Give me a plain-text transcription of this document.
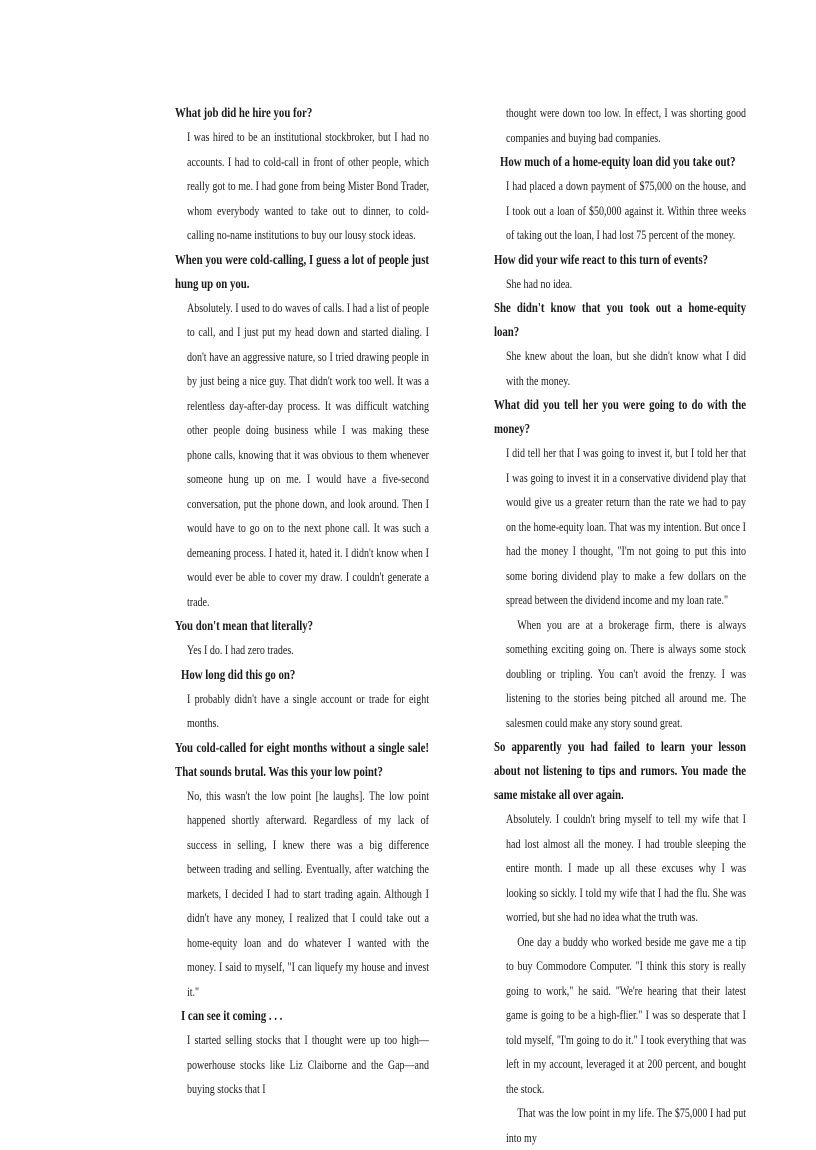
What job did he hire you for?

I was hired to be an institutional stockbroker, but I had no accounts. I had to cold-call in front of other people, which really got to me. I had gone from being Mister Bond Trader, whom everybody wanted to take out to dinner, to cold-calling no-name institutions to buy our lousy stock ideas.

When you were cold-calling, I guess a lot of people just hung up on you.

Absolutely. I used to do waves of calls. I had a list of people to call, and I just put my head down and started dialing. I don't have an aggressive nature, so I tried drawing people in by just being a nice guy. That didn't work too well. It was a relentless day-after-day process. It was difficult watching other people doing business while I was making these phone calls, knowing that it was obvious to them whenever someone hung up on me. I would have a five-second conversation, put the phone down, and look around. Then I would have to go on to the next phone call. It was such a demeaning process. I hated it, hated it. I didn't know when I would ever be able to cover my draw. I couldn't generate a trade.

You don't mean that literally?

Yes I do. I had zero trades.

How long did this go on?

I probably didn't have a single account or trade for eight months.

You cold-called for eight months without a single sale! That sounds brutal. Was this your low point?

No, this wasn't the low point [he laughs]. The low point happened shortly afterward. Regardless of my lack of success in selling, I knew there was a big difference between trading and selling. Eventually, after watching the markets, I decided I had to start trading again. Although I didn't have any money, I realized that I could take out a home-equity loan and do whatever I wanted with the money. I said to myself, "I can liquefy my house and invest it."

I can see it coming . . .

I started selling stocks that I thought were up too high—powerhouse stocks like Liz Claiborne and the Gap—and buying stocks that I

thought were down too low. In effect, I was shorting good companies and buying bad companies.

How much of a home-equity loan did you take out?

I had placed a down payment of $75,000 on the house, and I took out a loan of $50,000 against it. Within three weeks of taking out the loan, I had lost 75 percent of the money.

How did your wife react to this turn of events?

She had no idea.

She didn't know that you took out a home-equity loan?

She knew about the loan, but she didn't know what I did with the money.

What did you tell her you were going to do with the money?

I did tell her that I was going to invest it, but I told her that I was going to invest it in a conservative dividend play that would give us a greater return than the rate we had to pay on the home-equity loan. That was my intention. But once I had the money I thought, "I'm not going to put this into some boring dividend play to make a few dollars on the spread between the dividend income and my loan rate."

When you are at a brokerage firm, there is always something exciting going on. There is always some stock doubling or tripling. You can't avoid the frenzy. I was listening to the stories being pitched all around me. The salesmen could make any story sound great.

So apparently you had failed to learn your lesson about not listening to tips and rumors. You made the same mistake all over again.

Absolutely. I couldn't bring myself to tell my wife that I had lost almost all the money. I had trouble sleeping the entire month. I made up all these excuses why I was looking so sickly. I told my wife that I had the flu. She was worried, but she had no idea what the truth was.

One day a buddy who worked beside me gave me a tip to buy Commodore Computer. "I think this story is really going to work," he said. "We're hearing that their latest game is going to be a high-flier." I was so desperate that I told myself, "I'm going to do it." I took everything that was left in my account, leveraged it at 200 percent, and bought the stock.

That was the low point in my life. The $75,000 I had put into my
